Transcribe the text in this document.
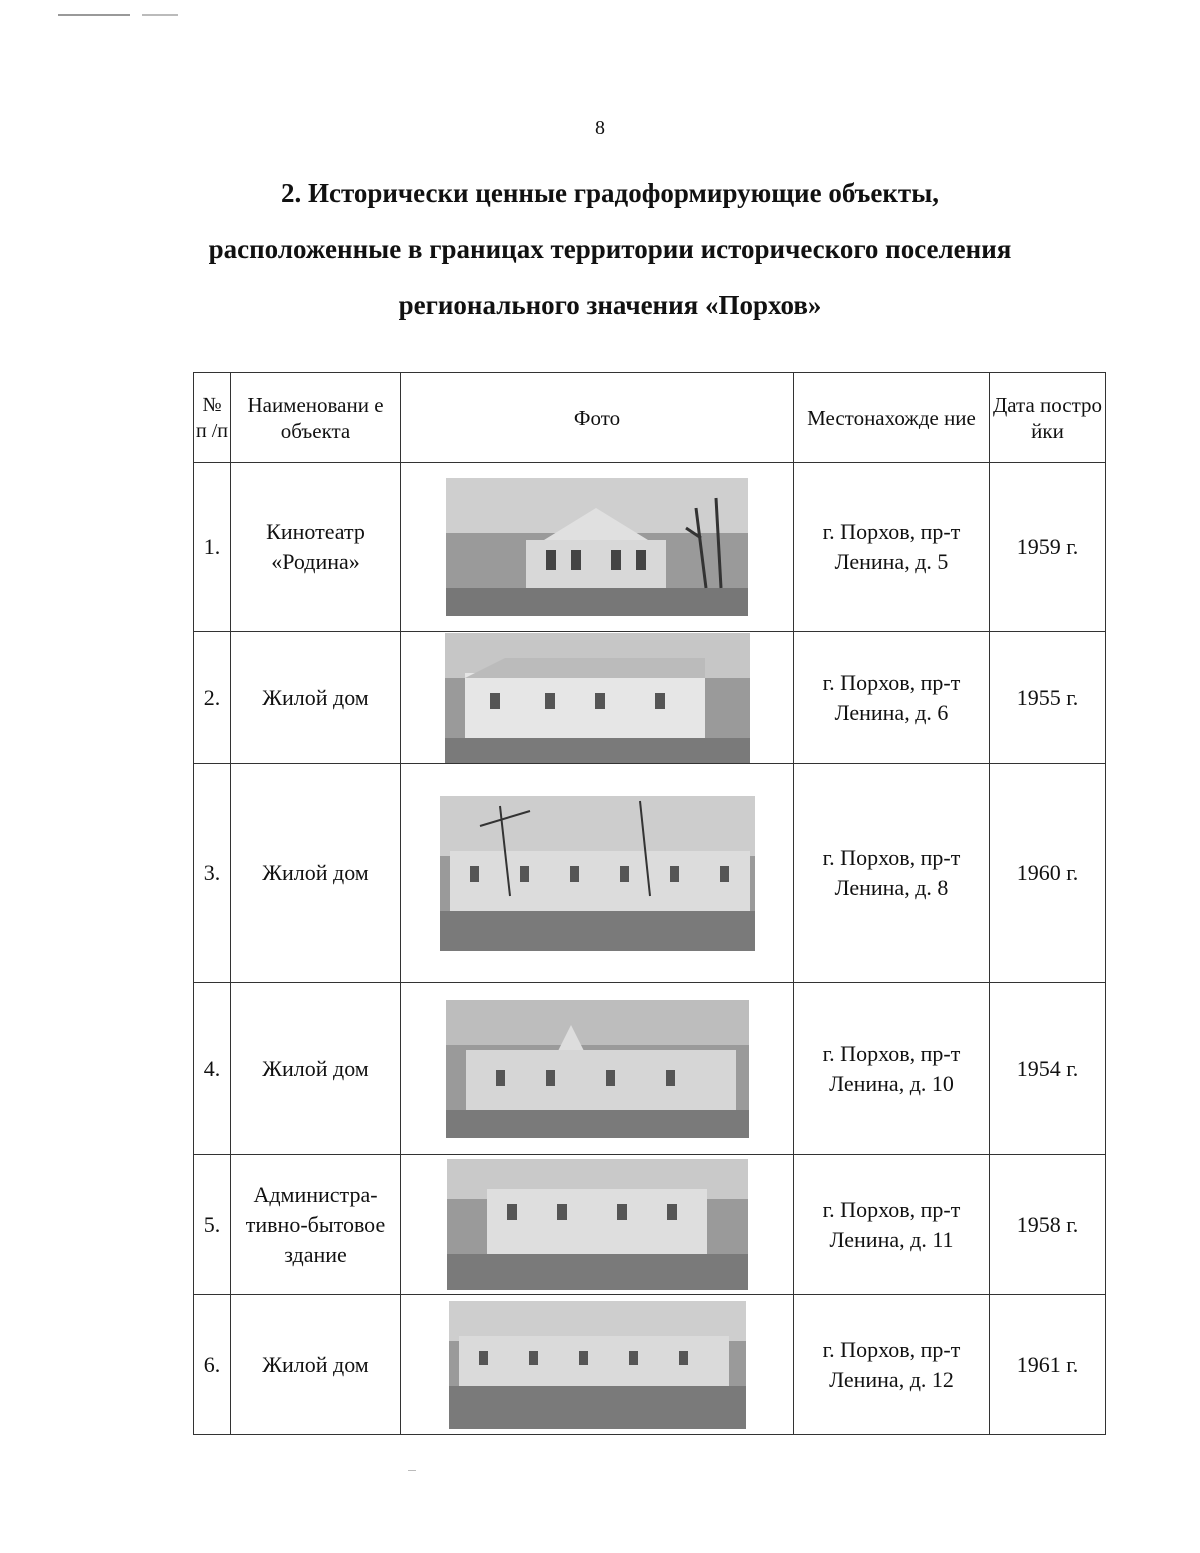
8
2. Исторически ценные градоформирующие объекты,
расположенные в границах территории исторического поселения
регионального значения «Порхов»
№ п /п	Наименовани е объекта	Фото	Местонахожде ние	Дата постро йки
1.	Кинотеатр «Родина»		г. Порхов, пр-т Ленина, д. 5	1959 г.
2.	Жилой дом		г. Порхов, пр-т Ленина, д. 6	1955 г.
3.	Жилой дом		г. Порхов, пр-т Ленина, д. 8	1960 г.
4.	Жилой дом		г. Порхов, пр-т Ленина, д. 10	1954 г.
5.	Администра- тивно-бытовое здание		г. Порхов, пр-т Ленина, д. 11	1958 г.
6.	Жилой дом		г. Порхов, пр-т Ленина, д. 12	1961 г.
